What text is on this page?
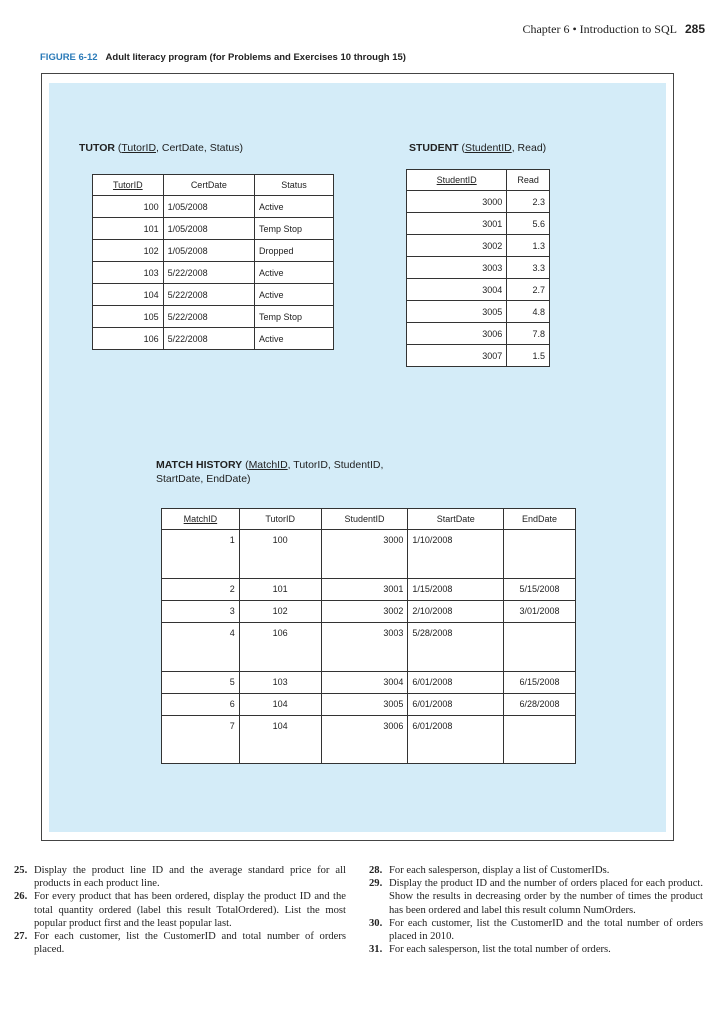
Chapter 6 • Introduction to SQL 285
FIGURE 6-12 Adult literacy program (for Problems and Exercises 10 through 15)
TUTOR (TutorID, CertDate, Status)
TutorID	CertDate	Status
100	1/05/2008	Active
101	1/05/2008	Temp Stop
102	1/05/2008	Dropped
103	5/22/2008	Active
104	5/22/2008	Active
105	5/22/2008	Temp Stop
106	5/22/2008	Active
STUDENT (StudentID, Read)
StudentID	Read
3000	2.3
3001	5.6
3002	1.3
3003	3.3
3004	2.7
3005	4.8
3006	7.8
3007	1.5
MATCH HISTORY (MatchID, TutorID, StudentID,
StartDate, EndDate)
MatchID	TutorID	StudentID	StartDate	EndDate
1	100	3000	1/10/2008	
2	101	3001	1/15/2008	5/15/2008
3	102	3002	2/10/2008	3/01/2008
4	106	3003	5/28/2008	
5	103	3004	6/01/2008	6/15/2008
6	104	3005	6/01/2008	6/28/2008
7	104	3006	6/01/2008	

25. Display the product line ID and the average standard price for all products in each product line.

26. For every product that has been ordered, display the product ID and the total quantity ordered (label this result TotalOrdered). List the most popular product first and the least popular last.

27. For each customer, list the CustomerID and total number of orders placed.

28. For each salesperson, display a list of CustomerIDs.

29. Display the product ID and the number of orders placed for each product. Show the results in decreasing order by the number of times the product has been ordered and label this result column NumOrders.

30. For each customer, list the CustomerID and the total number of orders placed in 2010.

31. For each salesperson, list the total number of orders.
